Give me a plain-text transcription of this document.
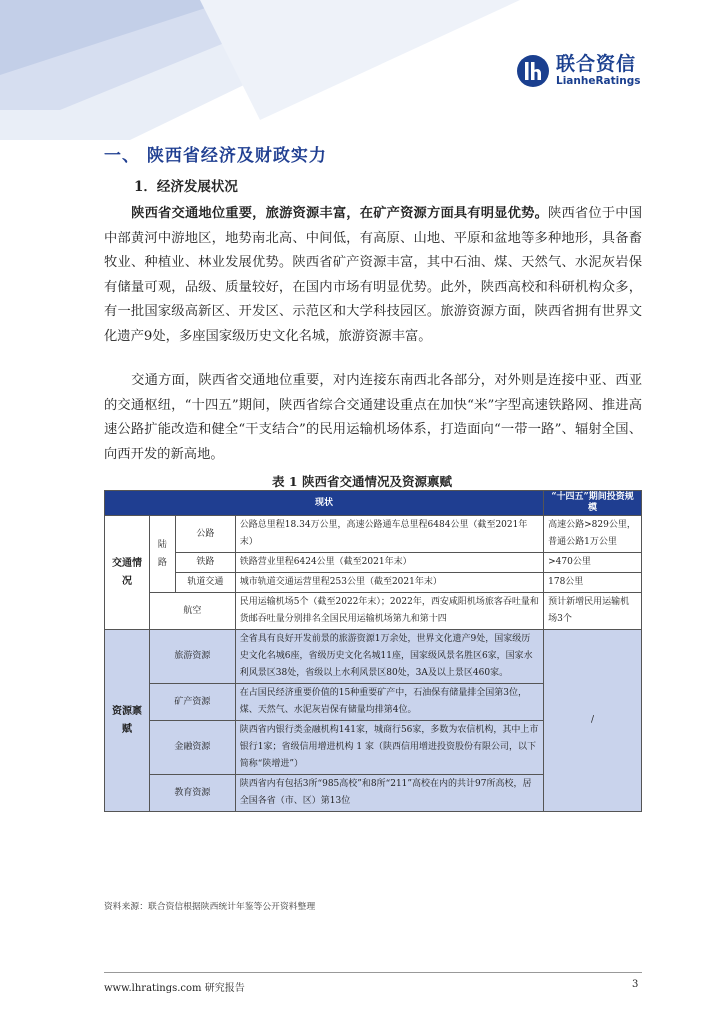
联合资信
LianheRatings
一、 陕西省经济及财政实力
1．经济发展状况
陕西省交通地位重要，旅游资源丰富，在矿产资源方面具有明显优势。陕西省位于中国中部黄河中游地区，地势南北高、中间低，有高原、山地、平原和盆地等多种地形，具备畜牧业、种植业、林业发展优势。陕西省矿产资源丰富，其中石油、煤、天然气、水泥灰岩保有储量可观，品级、质量较好，在国内市场有明显优势。此外，陕西高校和科研机构众多，有一批国家级高新区、开发区、示范区和大学科技园区。旅游资源方面，陕西省拥有世界文化遗产9处，多座国家级历史文化名城，旅游资源丰富。
交通方面，陕西省交通地位重要，对内连接东南西北各部分，对外则是连接中亚、西亚的交通枢纽，“十四五”期间，陕西省综合交通建设重点在加快“米”字型高速铁路网、推进高速公路扩能改造和健全“干支结合”的民用运输机场体系，打造面向“一带一路”、辐射全国、向西开发的新高地。
表 1 陕西省交通情况及资源禀赋
现状				“十四五”期间投资规模
交通情况	陆路	公路	公路总里程18.34万公里，高速公路通车总里程6484公里（截至2021年末）	高速公路>829公里，普通公路1万公里
		铁路	铁路营业里程6424公里（截至2021年末）	>470公里
		轨道交通	城市轨道交通运营里程253公里（截至2021年末）	178公里
	航空		民用运输机场5个（截至2022年末）；2022年，西安咸阳机场旅客吞吐量和货邮吞吐量分别排名全国民用运输机场第九和第十四	预计新增民用运输机场3个
资源禀赋	旅游资源		全省具有良好开发前景的旅游资源1万余处，世界文化遗产9处，国家级历史文化名城6座，省级历史文化名城11座，国家级风景名胜区6家，国家水利风景区38处，省级以上水利风景区80处，3A及以上景区460家。	/
	矿产资源		在占国民经济重要价值的15种重要矿产中，石油保有储量排全国第3位，煤、天然气、水泥灰岩保有储量均排第4位。	
	金融资源		陕西省内银行类金融机构141家，城商行56家，多数为农信机构，其中上市银行1家；省级信用增进机构 1 家（陕西信用增进投资股份有限公司，以下简称“陕增进”）	
	教育资源		陕西省内有包括3所“985高校”和8所“211”高校在内的共计97所高校，居全国各省（市、区）第13位	
资料来源：联合资信根据陕西统计年鉴等公开资料整理
www.lhratings.com 研究报告	3
